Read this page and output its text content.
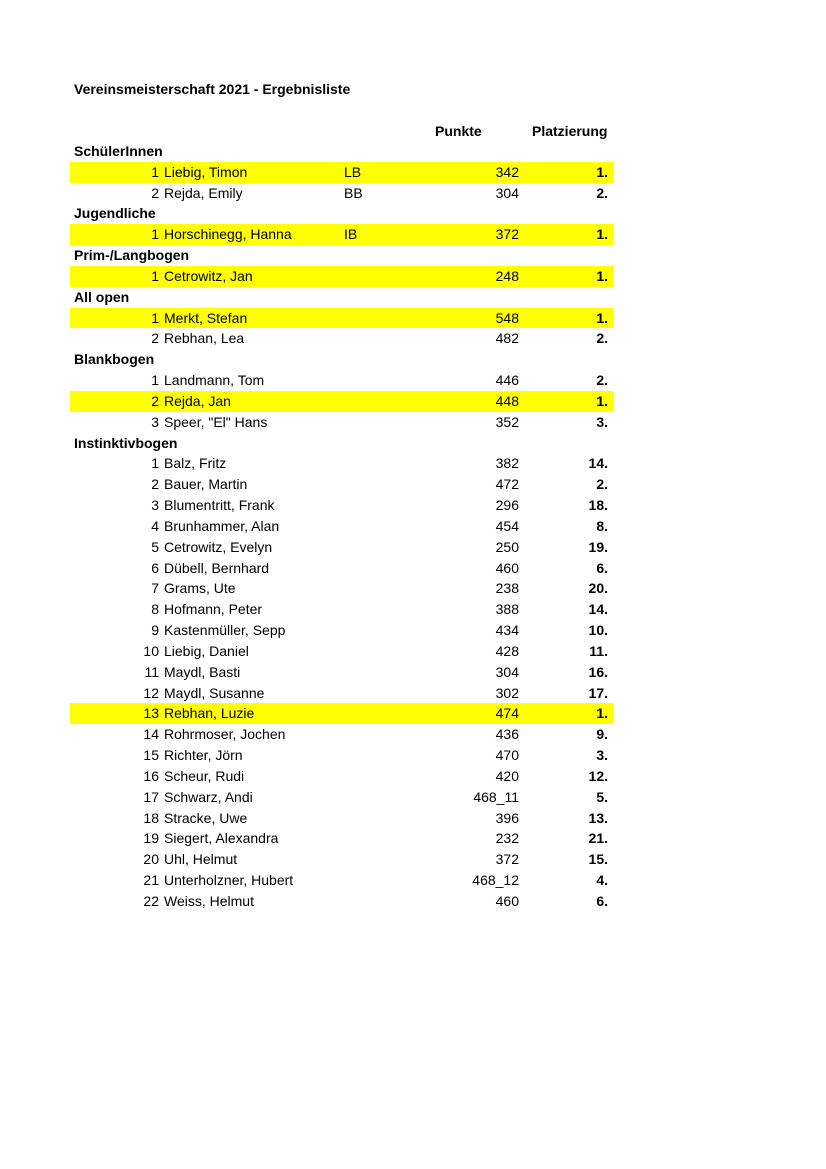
Vereinsmeisterschaft 2021 - Ergebnisliste
Punkte	Platzierung
SchülerInnen
1 Liebig, Timon	LB	342	1.
2 Rejda, Emily	BB	304	2.
Jugendliche
1 Horschinegg, Hanna	IB	372	1.
Prim-/Langbogen
1 Cetrowitz, Jan	248	1.
All open
1 Merkt, Stefan	548	1.
2 Rebhan, Lea	482	2.
Blankbogen
1 Landmann, Tom	446	2.
2 Rejda, Jan	448	1.
3 Speer, "El" Hans	352	3.
Instinktivbogen
1 Balz, Fritz	382	14.
2 Bauer, Martin	472	2.
3 Blumentritt, Frank	296	18.
4 Brunhammer, Alan	454	8.
5 Cetrowitz, Evelyn	250	19.
6 Dübell, Bernhard	460	6.
7 Grams, Ute	238	20.
8 Hofmann, Peter	388	14.
9 Kastenmüller, Sepp	434	10.
10 Liebig, Daniel	428	11.
11 Maydl, Basti	304	16.
12 Maydl, Susanne	302	17.
13 Rebhan, Luzie	474	1.
14 Rohrmoser, Jochen	436	9.
15 Richter, Jörn	470	3.
16 Scheur, Rudi	420	12.
17 Schwarz, Andi	468_11	5.
18 Stracke, Uwe	396	13.
19 Siegert, Alexandra	232	21.
20 Uhl, Helmut	372	15.
21 Unterholzner, Hubert	468_12	4.
22 Weiss, Helmut	460	6.
